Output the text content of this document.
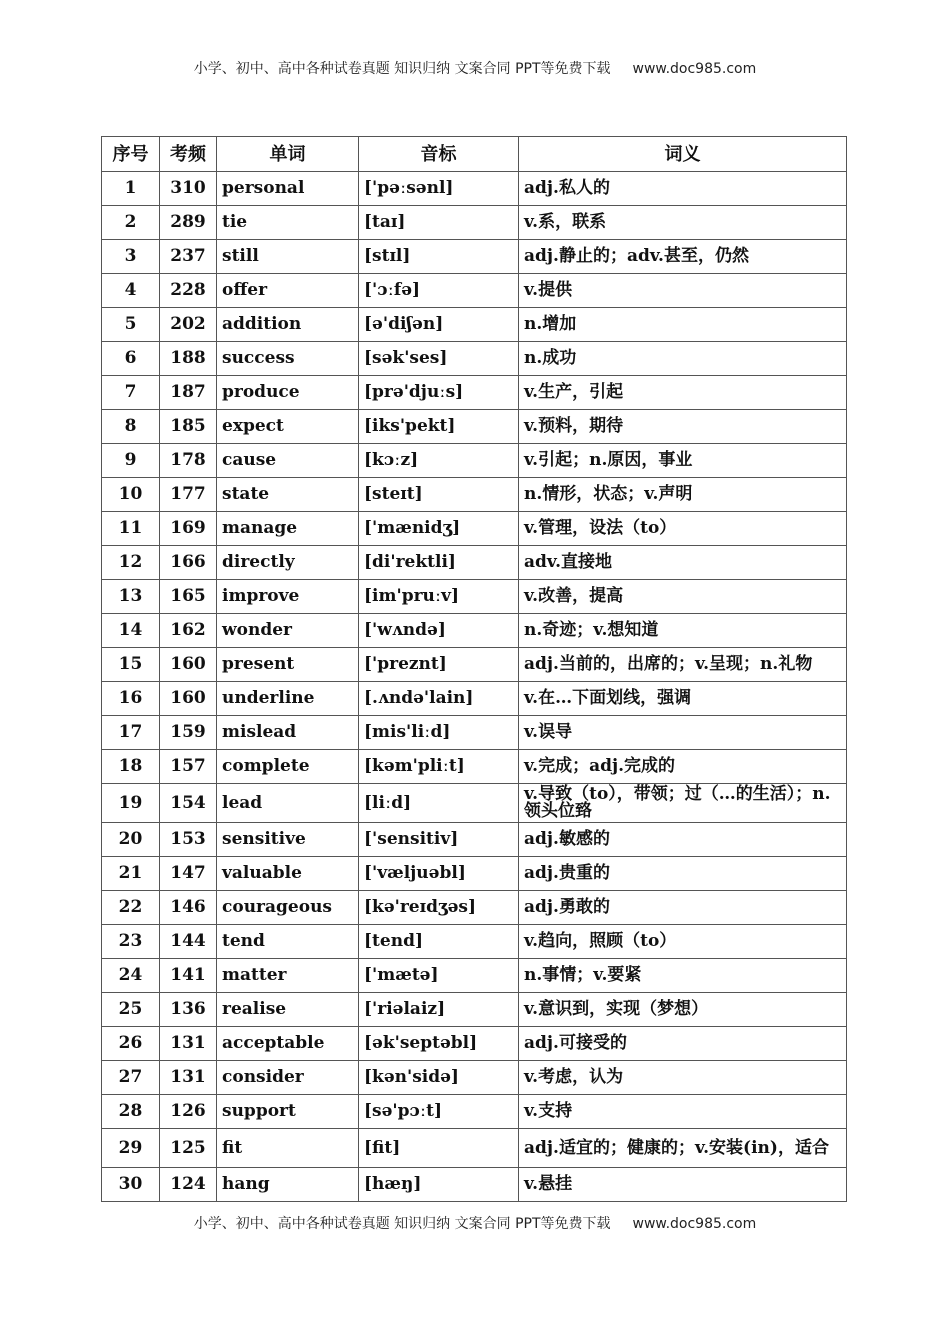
小学、初中、高中各种试卷真题 知识归纳 文案合同 PPT等免费下载 www.doc985.com
序号	考频	单词	音标	词义
1	310	personal	['pəːsənl]	adj.私人的
2	289	tie	[taɪ]	v.系，联系
3	237	still	[stɪl]	adj.静止的；adv.甚至，仍然
4	228	offer	['ɔːfə]	v.提供
5	202	addition	[ə'diʃən]	n.增加
6	188	success	[sək'ses]	n.成功
7	187	produce	[prə'djuːs]	v.生产，引起
8	185	expect	[iks'pekt]	v.预料，期待
9	178	cause	[kɔːz]	v.引起；n.原因，事业
10	177	state	[steɪt]	n.情形，状态；v.声明
11	169	manage	['mænidʒ]	v.管理，设法（to）
12	166	directly	[di'rektli]	adv.直接地
13	165	improve	[im'pruːv]	v.改善，提高
14	162	wonder	['wʌndə]	n.奇迹；v.想知道
15	160	present	['preznt]	adj.当前的，出席的；v.呈现；n.礼物
16	160	underline	[.ʌndə'lain]	v.在…下面划线，强调
17	159	mislead	[mis'liːd]	v.误导
18	157	complete	[kəm'pliːt]	v.完成；adj.完成的
19	154	lead	[liːd]	v.导致（to），带领；过（…的生活）；n.领头位臵
20	153	sensitive	['sensitiv]	adj.敏感的
21	147	valuable	['væljuəbl]	adj.贵重的
22	146	courageous	[kə'reɪdʒəs]	adj.勇敢的
23	144	tend	[tend]	v.趋向，照顾（to）
24	141	matter	['mætə]	n.事情；v.要紧
25	136	realise	['riəlaiz]	v.意识到，实现（梦想）
26	131	acceptable	[ək'septəbl]	adj.可接受的
27	131	consider	[kən'sidə]	v.考虑，认为
28	126	support	[sə'pɔːt]	v.支持
29	125	fit	[fit]	adj.适宜的；健康的；v.安装(in)，适合
30	124	hang	[hæŋ]	v.悬挂
小学、初中、高中各种试卷真题 知识归纳 文案合同 PPT等免费下载 www.doc985.com
